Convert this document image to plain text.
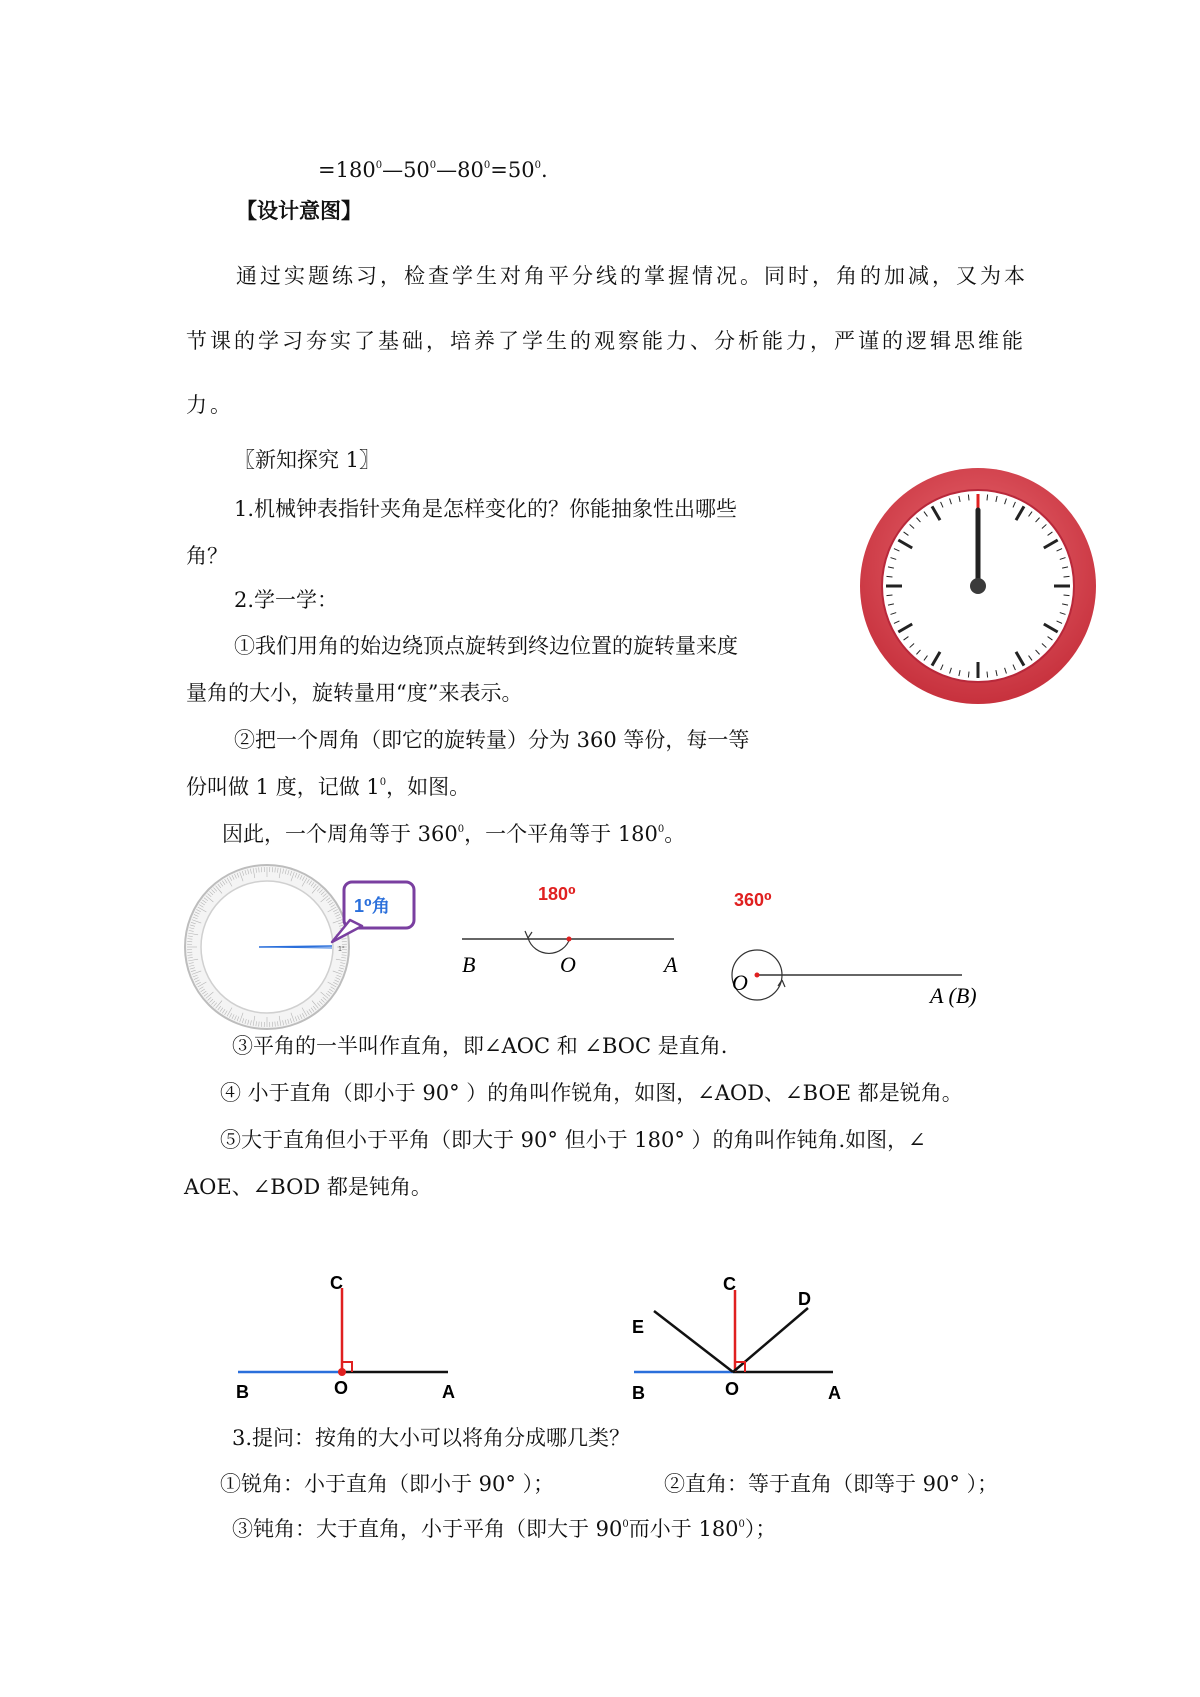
$=180^0—50^0—80^0=50^0$.
【设计意图】
通过实题练习，检查学生对角平分线的掌握情况。同时，角的加减，又为本
节课的学习夯实了基础，培养了学生的观察能力、分析能力，严谨的逻辑思维能
力。
〖新知探究 1〗
1.机械钟表指针夹角是怎样变化的？你能抽象性出哪些
角？
2.学一学：
①我们用角的始边绕顶点旋转到终边位置的旋转量来度
量角的大小，旋转量用“度”来表示。
②把一个周角（即它的旋转量）分为 360 等份，每一等
份叫做 1 度，记做 $1^0$，如图。
因此，一个周角等于 $360^0$，一个平角等于 $180^0$。
1°
1⁰角
180⁰
B	O	A
360⁰
O
A (B)
③平角的一半叫作直角，即∠AOC 和 ∠BOC 是直角.
④ 小于直角（即小于 90° ）的角叫作锐角，如图，∠AOD、∠BOE 都是锐角。
⑤大于直角但小于平角（即大于 90° 但小于 180° ）的角叫作钝角.如图，∠
AOE、∠BOD 都是钝角。
C
B	O	A
C
D
E
B	O	A
3.提问：按角的大小可以将角分成哪几类？
①锐角：小于直角（即小于 90° ）；	②直角：等于直角（即等于 90° ）；
③钝角：大于直角，小于平角（即大于 $90^0$而小于 $180^0$）；
